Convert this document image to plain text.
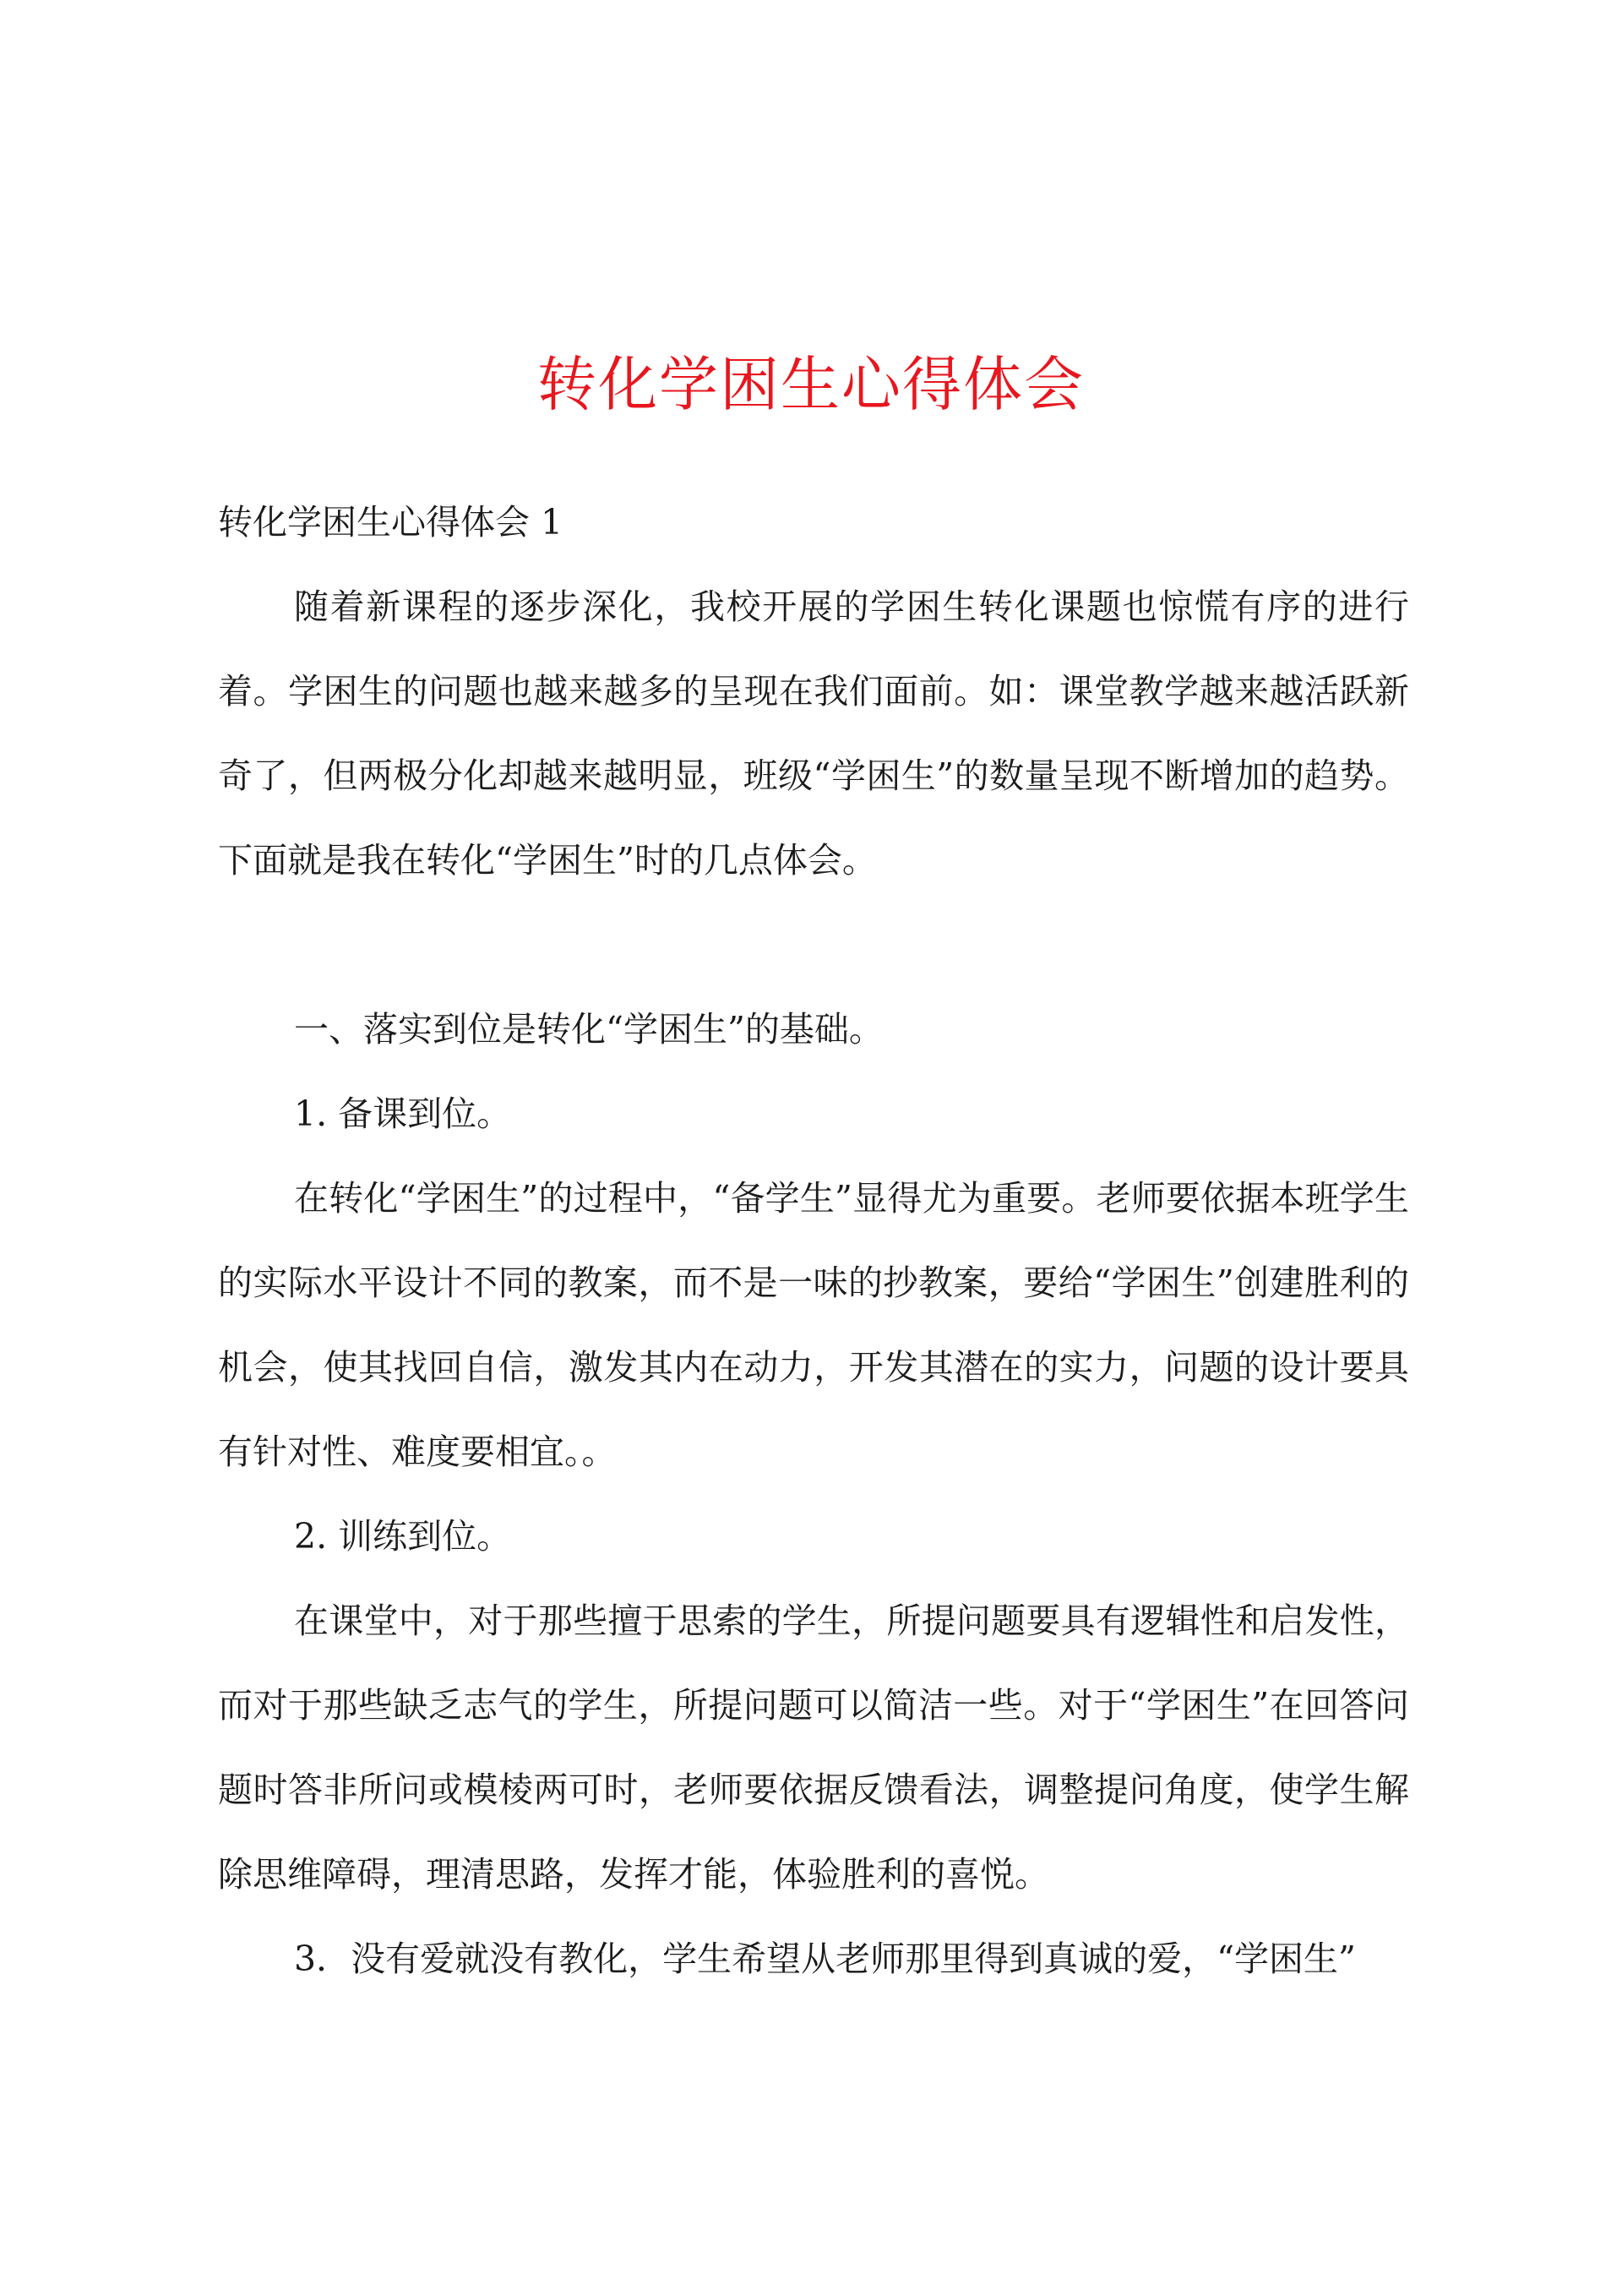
转化学困生心得体会

转化学困生心得体会 1

随着新课程的逐步深化，我校开展的学困生转化课题也惊慌有序的进行着。学困生的问题也越来越多的呈现在我们面前。如：课堂教学越来越活跃新奇了，但两极分化却越来越明显，班级“学困生”的数量呈现不断增加的趋势。下面就是我在转化“学困生”时的几点体会。

一、落实到位是转化“学困生”的基础。

1. 备课到位。

在转化“学困生”的过程中，“备学生”显得尤为重要。老师要依据本班学生的实际水平设计不同的教案，而不是一味的抄教案，要给“学困生”创建胜利的机会，使其找回自信，激发其内在动力，开发其潜在的实力，问题的设计要具有针对性、难度要相宜。。

2. 训练到位。

在课堂中，对于那些擅于思索的学生，所提问题要具有逻辑性和启发性，而对于那些缺乏志气的学生，所提问题可以简洁一些。对于“学困生”在回答问题时答非所问或模棱两可时，老师要依据反馈看法，调整提问角度，使学生解除思维障碍，理清思路，发挥才能，体验胜利的喜悦。

3．没有爱就没有教化，学生希望从老师那里得到真诚的爱，“学困生”
